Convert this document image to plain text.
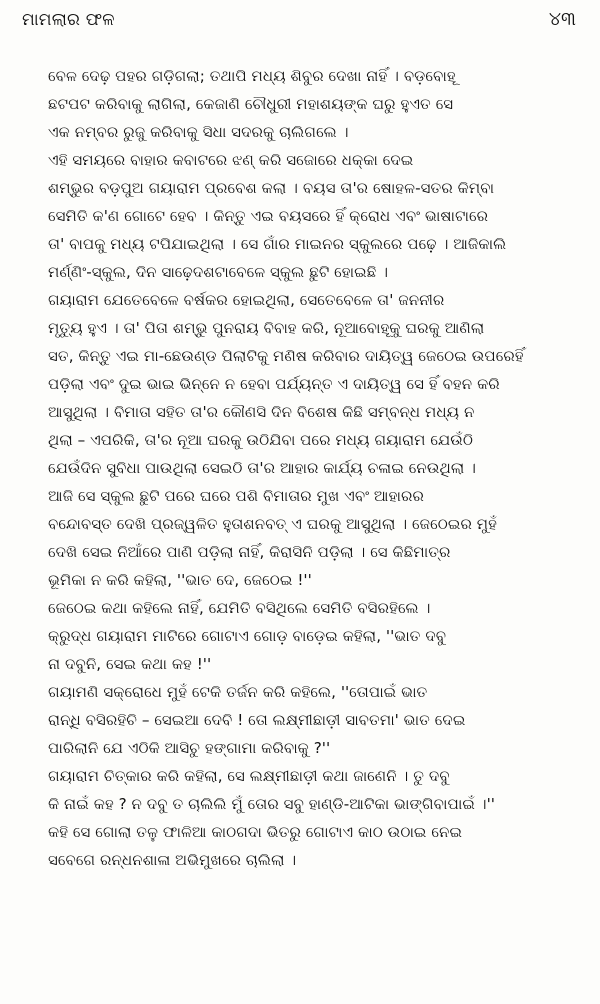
ମାମଲାର ଫଳ	୪୩

ବେଳ ଦେଢ଼ ପହର ଗଡ଼ିଗଲା; ତଥାପି ମଧ୍ୟ ଶିବୁର ଦେଖା ନାହିଁ । ବଡ଼ବୋହୂ
ଛଟପଟ କରିବାକୁ ଲାଗିଲା, କେଜାଣି ଚୌଧୁରୀ ମହାଶୟଙ୍କ ଘରୁ ହୁଏତ ସେ
ଏକ ନମ୍ବର ରୁଜୁ କରିବାକୁ ସିଧା ସଦରକୁ ଚାଲିଗଲେ ।

ଏହି ସମୟରେ ବାହାର କବାଟରେ ଝଣ୍ କରି ସଜୋରେ ଧକ୍କା ଦେଇ
ଶମ୍ଭୁର ବଡ଼ପୁଅ ଗୟାରାମ ପ୍ରବେଶ କଲା । ବୟସ ତା'ର ଷୋହଳ-ସତର କିମ୍ବା
ସେମିତି କ'ଣ ଗୋଟେ ହେବ । କିନ୍ତୁ ଏଇ ବୟସରେ ହିଁ କ୍ରୋଧ ଏବଂ ଭାଷାଟାରେ
ତା' ବାପକୁ ମଧ୍ୟ ଟପିଯାଇଥିଲା । ସେ ଗାଁର ମାଇନର ସ୍କୁଲରେ ପଢ଼େ । ଆଜିକାଲି
ମର୍ଣ୍ଣିଂ-ସ୍କୁଲ, ଦିନ ସାଢ଼େଦଶଟାବେଳେ ସ୍କୁଲ ଛୁଟି ହୋଇଛି ।

ଗୟାରାମ ଯେତେବେଳେ ବର୍ଷକର ହୋଇଥିଲା, ସେତେବେଳେ ତା' ଜନନୀର
ମୃତ୍ୟୁ ହୁଏ । ତା' ପିତା ଶମ୍ଭୁ ପୁନରାୟ ବିବାହ କରି, ନୂଆବୋହୂକୁ ଘରକୁ ଆଣିଲା
ସତ, କିନ୍ତୁ ଏଇ ମା-ଛେଉଣ୍ଡ ପିଲାଟିକୁ ମଣିଷ କରିବାର ଦାୟିତ୍ୱ ଜେଠେଇ ଉପରେହିଁ
ପଡ଼ିଲା ଏବଂ ଦୁଇ ଭାଇ ଭିନ୍ନେ ନ ହେବା ପର୍ଯ୍ୟନ୍ତ ଏ ଦାୟିତ୍ୱ ସେ ହିଁ ବହନ କରି
ଆସୁଥିଲା । ବିମାତା ସହିତ ତା'ର କୌଣସି ଦିନ ବିଶେଷ କିଛି ସମ୍ବନ୍ଧ ମଧ୍ୟ ନ
ଥିଲା – ଏପରିକି, ତା'ର ନୂଆ ଘରକୁ ଉଠିଯିବା ପରେ ମଧ୍ୟ ଗୟାରାମ ଯେଉଁଠି
ଯେଉଁଦିନ ସୁବିଧା ପାଉଥିଲା ସେଇଠି ତା'ର ଆହାର କାର୍ଯ୍ୟ ଚଳାଇ ନେଉଥିଲା ।

ଆଜି ସେ ସ୍କୁଲ ଛୁଟି ପରେ ଘରେ ପଶି ବିମାତାର ମୁଖ ଏବଂ ଆହାରର
ବନ୍ଦୋବସ୍ତ ଦେଖି ପ୍ରଜ୍ୱଳିତ ହୁତାଶନବତ୍ ଏ ଘରକୁ ଆସୁଥିଲା । ଜେଠେଇର ମୁହଁ
ଦେଖି ସେଇ ନିଆଁରେ ପାଣି ପଡ଼ିଲା ନାହିଁ, କିରାସିନି ପଡ଼ିଲା । ସେ କିଛିମାତ୍ର
ଭୂମିକା ନ କରି କହିଲା, ''ଭାତ ଦେ, ଜେଠେଇ !''

ଜେଠେଇ କଥା କହିଲେ ନାହିଁ, ଯେମିତି ବସିଥିଲେ ସେମିତି ବସିରହିଲେ ।

କ୍ରୁଦ୍ଧ ଗୟାରାମ ମାଟିରେ ଗୋଟାଏ ଗୋଡ଼ ବାଡ଼େଇ କହିଲା, ''ଭାତ ଦବୁ
ନା ଦବୁନି, ସେଇ କଥା କହ !''

ଗୟାମଣି ସକ୍ରୋଧେ ମୁହଁ ଟେକି ତର୍ଜନ କରି କହିଲେ, ''ତୋପାଇଁ ଭାତ
ରାନ୍ଧି ବସିରହିଚି – ସେଇଆ ଦେବି ! ତୋ ଲକ୍ଷ୍ମୀଛାଡ଼ୀ ସାବତମା' ଭାତ ଦେଇ
ପାରିଲାନି ଯେ ଏଠିକି ଆସିଚୁ ହଙ୍ଗାମା କରିବାକୁ ?''

ଗୟାରାମ ଚିତ୍କାର କରି କହିଲା, ସେ ଲକ୍ଷ୍ମୀଛାଡ଼ୀ କଥା ଜାଣେନି । ତୁ ଦବୁ
କି ନାଇଁ କହ ? ନ ଦବୁ ତ ଚାଲିଲି ମୁଁ ତୋର ସବୁ ହାଣ୍ଡି-ଆଟିକା ଭାଙ୍ଗିବାପାଇଁ ।''
କହି ସେ ଗୋଲା ତଳୁ ଫାଳିଆ କାଠଗଦା ଭିତରୁ ଗୋଟାଏ କାଠ ଉଠାଇ ନେଇ
ସବେଗେ ରନ୍ଧନଶାଳା ଅଭିମୁଖରେ ଚାଲିଲା ।
